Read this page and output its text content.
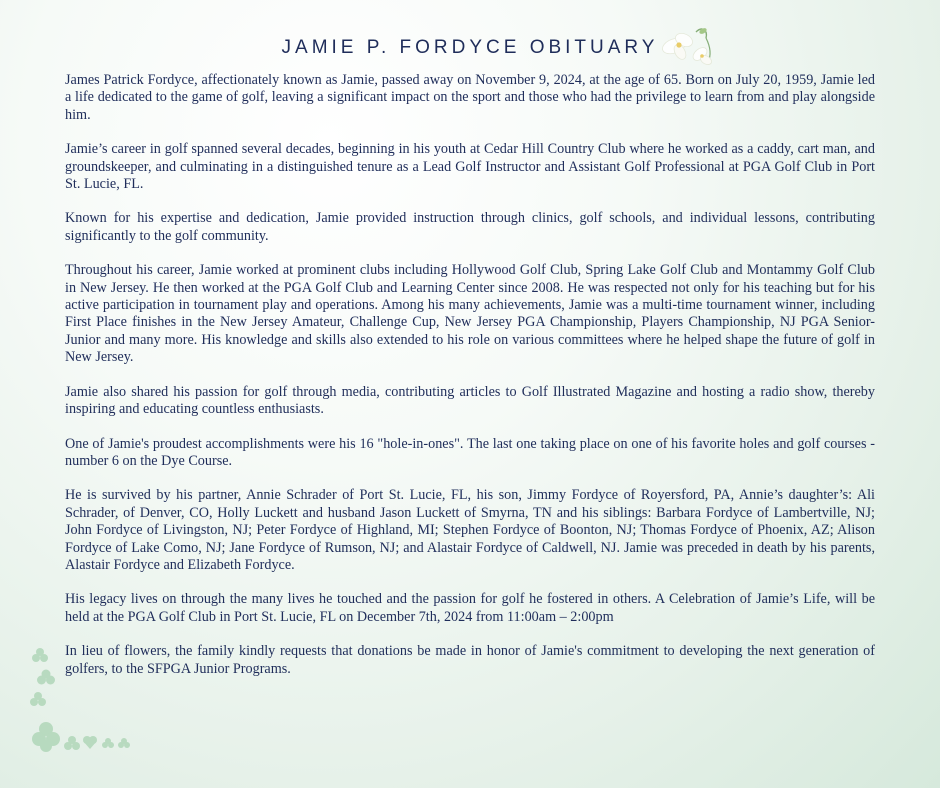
JAMIE P. FORDYCE OBITUARY

James Patrick Fordyce, affectionately known as Jamie, passed away on November 9, 2024, at the age of 65. Born on July 20, 1959, Jamie led a life dedicated to the game of golf, leaving a significant impact on the sport and those who had the privilege to learn from and play alongside him.

Jamie’s career in golf spanned several decades, beginning in his youth at Cedar Hill Country Club where he worked as a caddy, cart man, and groundskeeper, and culminating in a distinguished tenure as a Lead Golf Instructor and Assistant Golf Professional at PGA Golf Club in Port St. Lucie, FL.

Known for his expertise and dedication, Jamie provided instruction through clinics, golf schools, and individual lessons, contributing significantly to the golf community.

Throughout his career, Jamie worked at prominent clubs including Hollywood Golf Club, Spring Lake Golf Club and Montammy Golf Club in New Jersey. He then worked at the PGA Golf Club and Learning Center since 2008. He was respected not only for his teaching but for his active participation in tournament play and operations. Among his many achievements, Jamie was a multi-time tournament winner, including First Place finishes in the New Jersey Amateur, Challenge Cup, New Jersey PGA Championship, Players Championship, NJ PGA Senior-Junior and many more. His knowledge and skills also extended to his role on various committees where he helped shape the future of golf in New Jersey.

Jamie also shared his passion for golf through media, contributing articles to Golf Illustrated Magazine and hosting a radio show, thereby inspiring and educating countless enthusiasts.

One of Jamie's proudest accomplishments were his 16 "hole-in-ones". The last one taking place on one of his favorite holes and golf courses - number 6 on the Dye Course.

He is survived by his partner, Annie Schrader of Port St. Lucie, FL, his son, Jimmy Fordyce of Royersford, PA, Annie’s daughter’s: Ali Schrader, of Denver, CO, Holly Luckett and husband Jason Luckett of Smyrna, TN and his siblings: Barbara Fordyce of Lambertville, NJ; John Fordyce of Livingston, NJ; Peter Fordyce of Highland, MI; Stephen Fordyce of Boonton, NJ; Thomas Fordyce of Phoenix, AZ; Alison Fordyce of Lake Como, NJ; Jane Fordyce of Rumson, NJ; and Alastair Fordyce of Caldwell, NJ. Jamie was preceded in death by his parents, Alastair Fordyce and Elizabeth Fordyce.

His legacy lives on through the many lives he touched and the passion for golf he fostered in others. A Celebration of Jamie’s Life, will be held at the PGA Golf Club in Port St. Lucie, FL on December 7th, 2024 from 11:00am – 2:00pm

In lieu of flowers, the family kindly requests that donations be made in honor of Jamie's commitment to developing the next generation of golfers, to the SFPGA Junior Programs.
